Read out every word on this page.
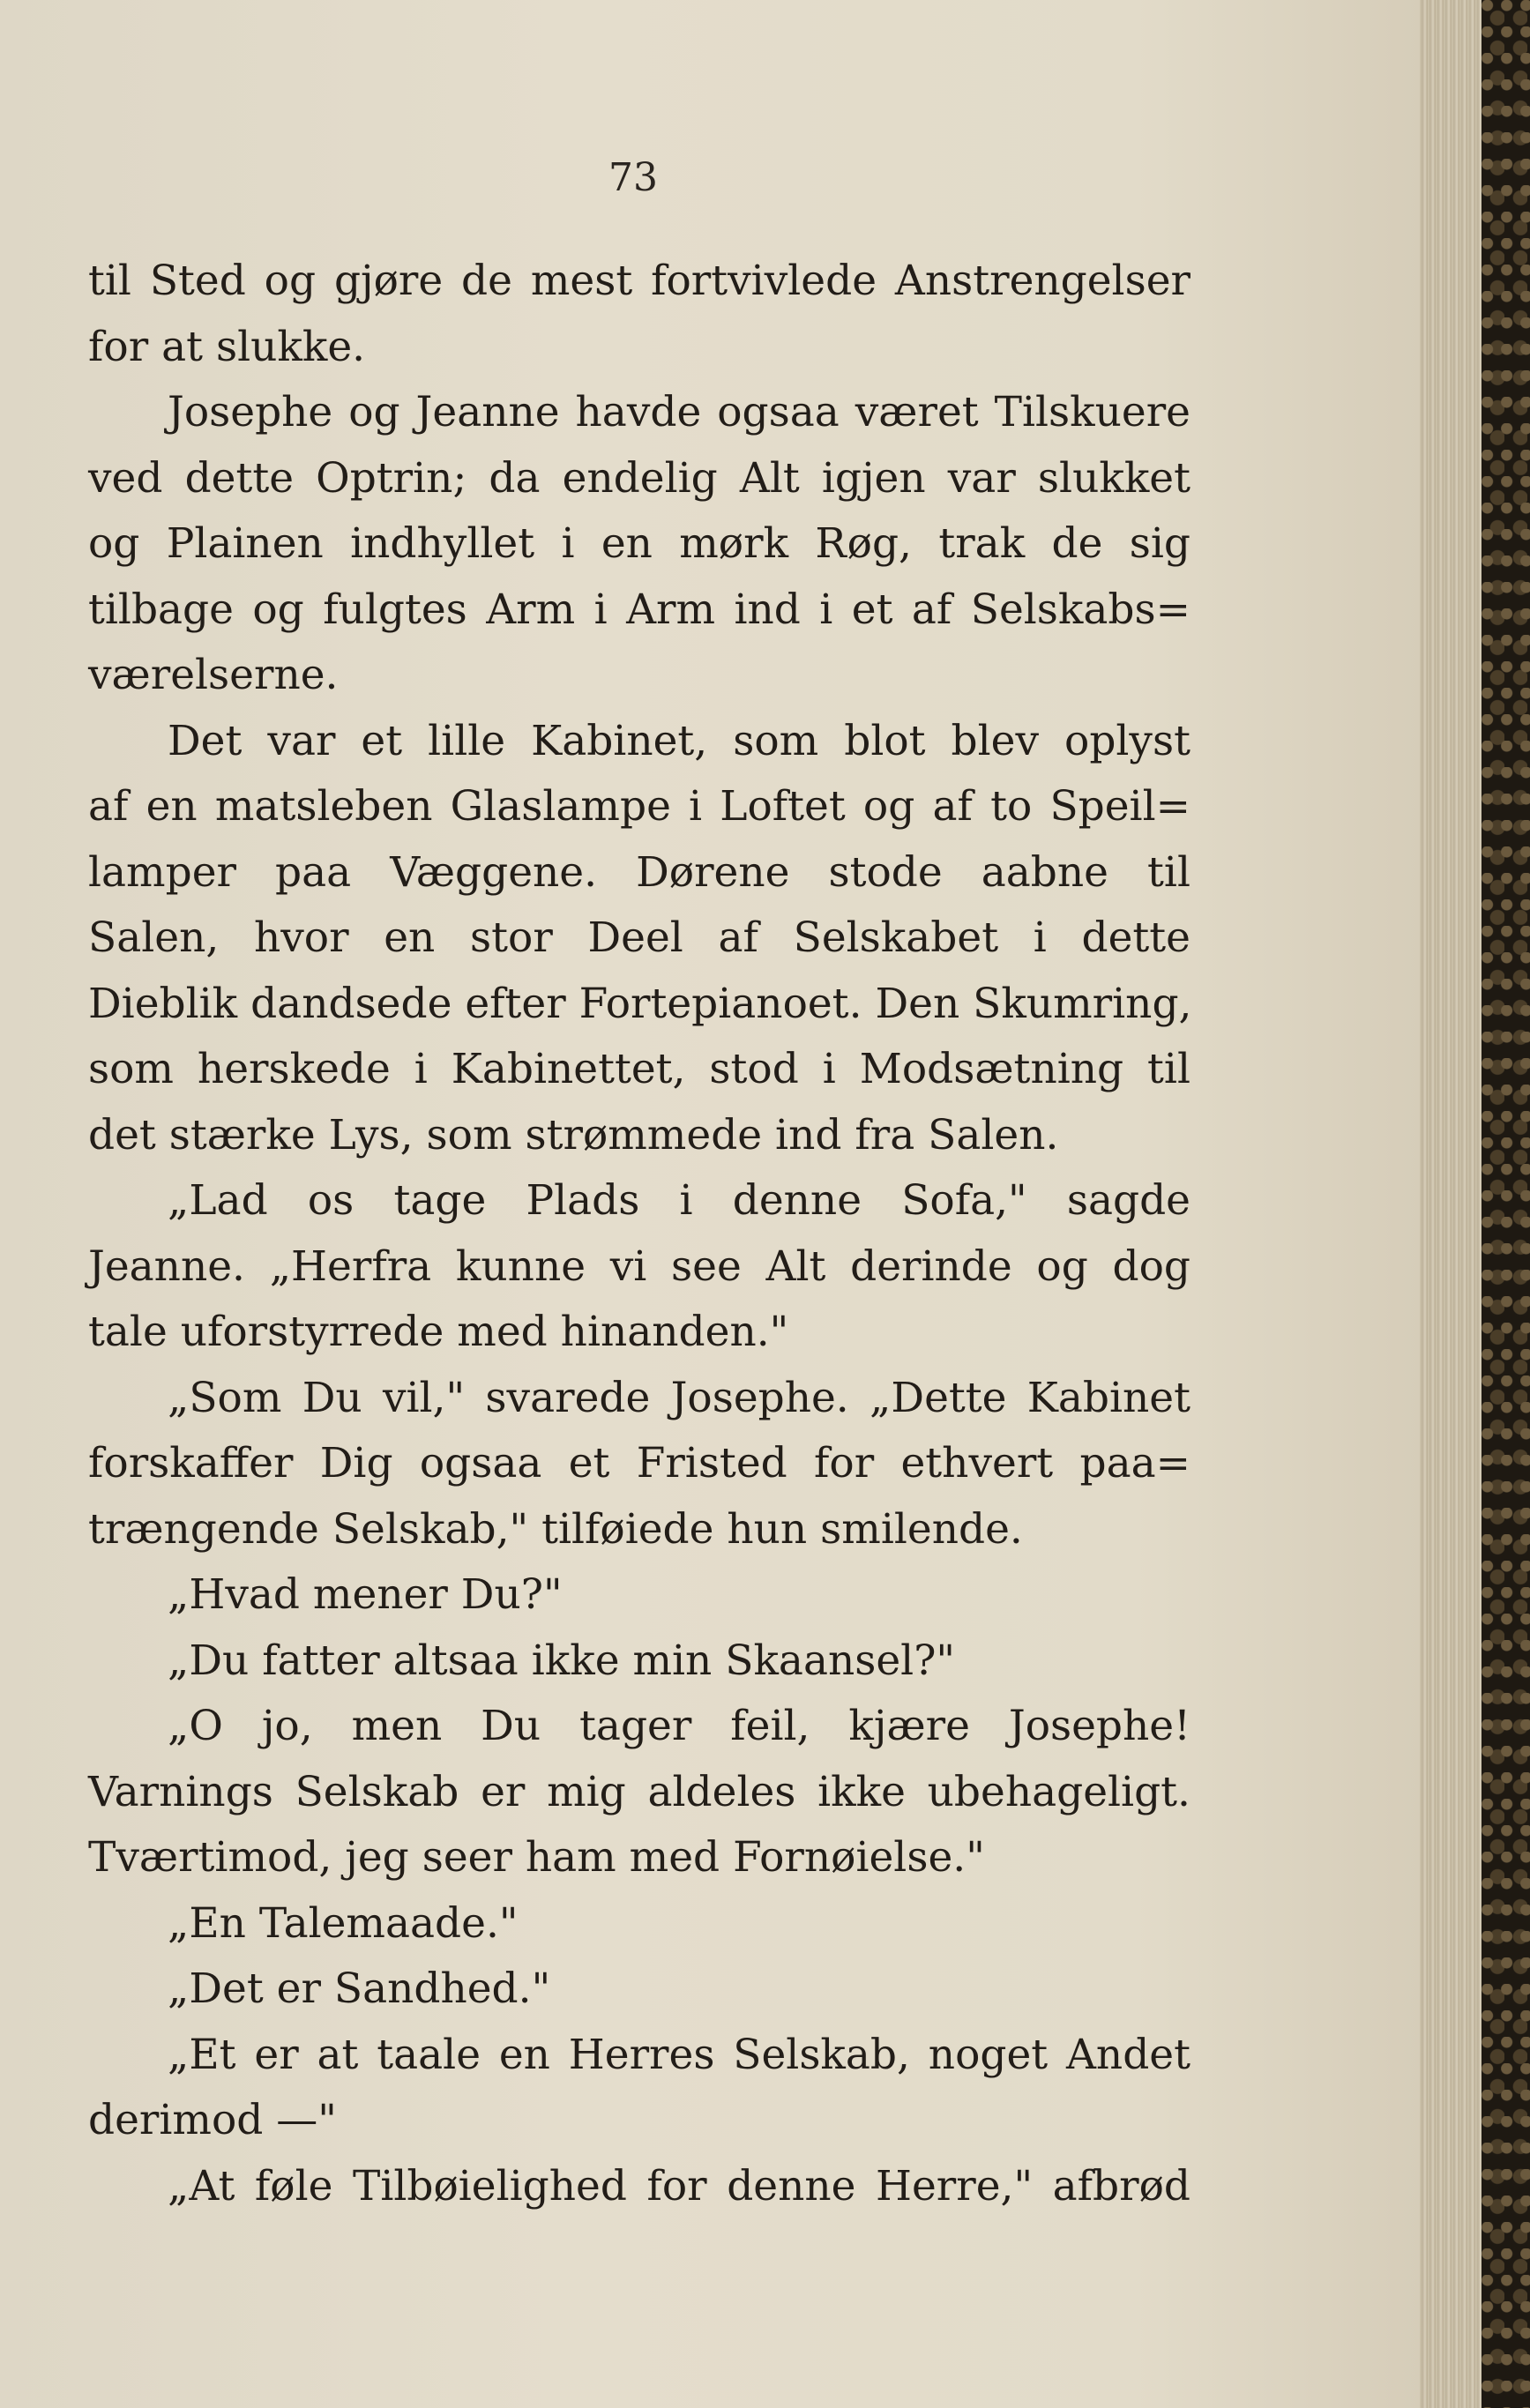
73
til Sted og gjøre de mest fortvivlede Anstrengelser
for at slukke.
Josephe og Jeanne havde ogsaa været Tilskuere
ved dette Optrin; da endelig Alt igjen var slukket
og Plainen indhyllet i en mørk Røg, trak de sig
tilbage og fulgtes Arm i Arm ind i et af Selskabs=
værelserne.
Det var et lille Kabinet, som blot blev oplyst
af en matsleben Glaslampe i Loftet og af to Speil=
lamper paa Væggene. Dørene stode aabne til
Salen, hvor en stor Deel af Selskabet i dette
Dieblik dandsede efter Fortepianoet. Den Skumring,
som herskede i Kabinettet, stod i Modsætning til
det stærke Lys, som strømmede ind fra Salen.
„Lad os tage Plads i denne Sofa," sagde
Jeanne. „Herfra kunne vi see Alt derinde og dog
tale uforstyrrede med hinanden."
„Som Du vil," svarede Josephe. „Dette Kabinet
forskaffer Dig ogsaa et Fristed for ethvert paa=
trængende Selskab," tilføiede hun smilende.
„Hvad mener Du?"
„Du fatter altsaa ikke min Skaansel?"
„O jo, men Du tager feil, kjære Josephe!
Varnings Selskab er mig aldeles ikke ubehageligt.
Tværtimod, jeg seer ham med Fornøielse."
„En Talemaade."
„Det er Sandhed."
„Et er at taale en Herres Selskab, noget Andet
derimod —"
„At føle Tilbøielighed for denne Herre," afbrød
